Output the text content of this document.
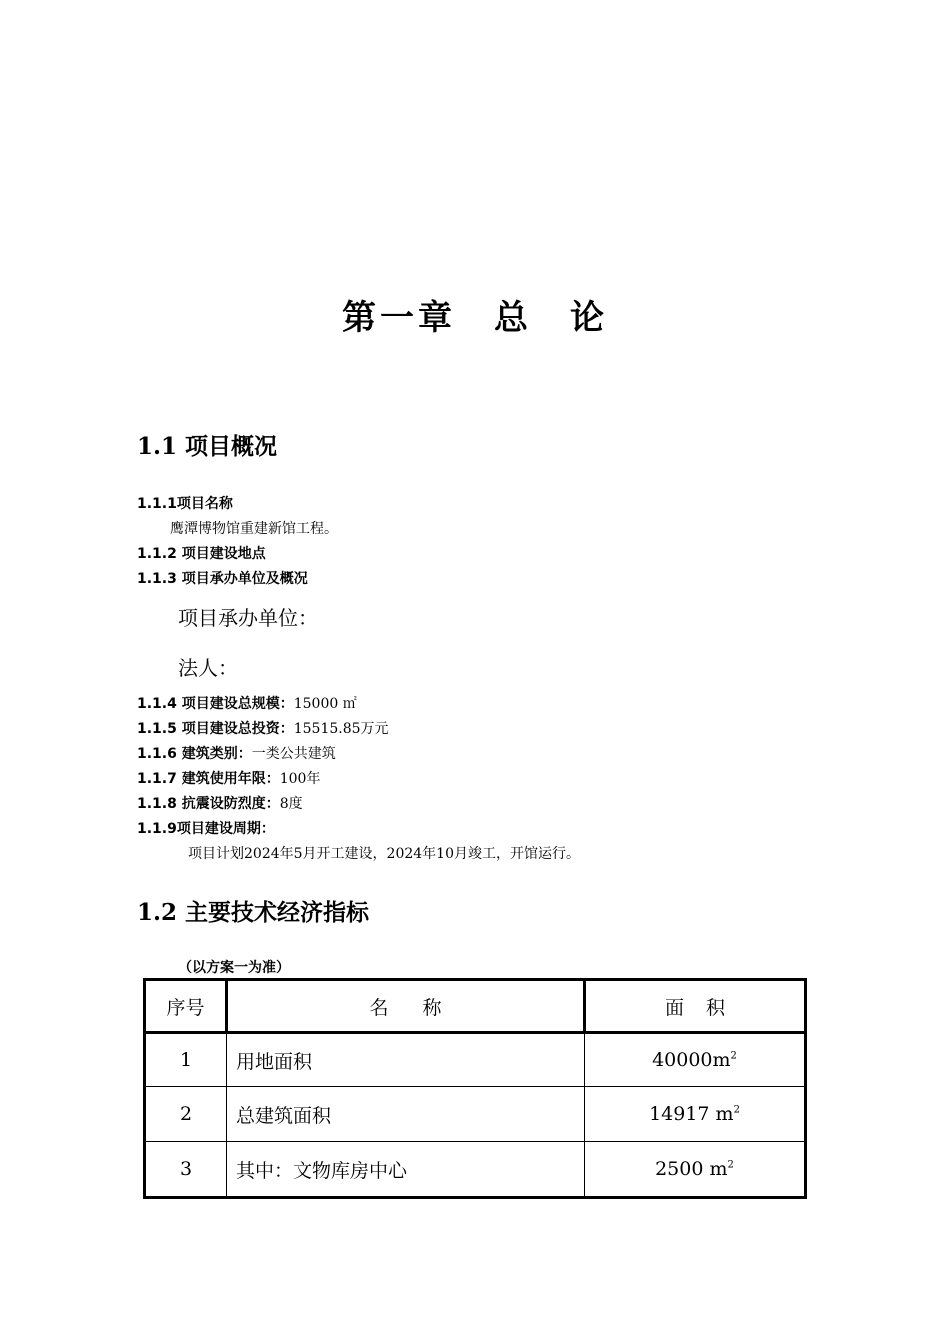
第一章　总　论
1.1 项目概况
1.1.1项目名称
鹰潭博物馆重建新馆工程。
1.1.2 项目建设地点
1.1.3 项目承办单位及概况
项目承办单位：
法人：
1.1.4 项目建设总规模：15000 ㎡
1.1.5 项目建设总投资：15515.85万元
1.1.6 建筑类别：一类公共建筑
1.1.7 建筑使用年限：100年
1.1.8 抗震设防烈度：8度
1.1.9项目建设周期：
项目计划2024年5月开工建设，2024年10月竣工，开馆运行。
1.2 主要技术经济指标
（以方案一为准）
序号	名称	面积
1	用地面积	$40000m^2$
2	总建筑面积	14917 $m^2$
3	其中：文物库房中心	2500 $m^2$
